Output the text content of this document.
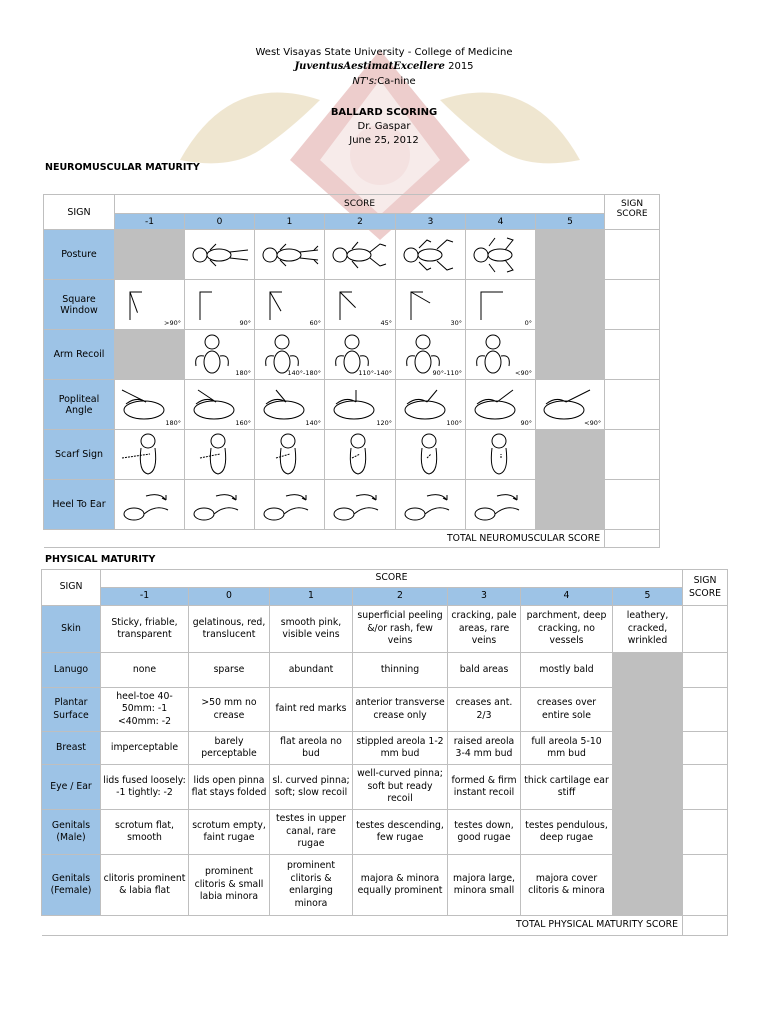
West Visayas State University - College of Medicine
JuventusAestimatExcellere 2015
NT's:Ca-nine
BALLARD SCORING
Dr. Gaspar
June 25, 2012
NEUROMUSCULAR MATURITY
SIGN	SCORE							SIGN SCORE
	-1	0	1	2	3	4	5	
Posture		

Square Window	>90°	90°	60°	45°	30°	0°		

Arm Recoil		180°	140°-180°	110°-140°	90°-110°	<90°		

Popliteal Angle	180°	160°	140°	120°	100°	90°	<90°	

Scarf Sign	

Heel To Ear	

TOTAL NEUROMUSCULAR SCORE								
PHYSICAL MATURITY
SIGN	SCORE							SIGN SCORE
	-1	0	1	2	3	4	5	
Skin	Sticky, friable, transparent	gelatinous, red, translucent	smooth pink, visible veins	superficial peeling &/or rash, few veins	cracking, pale areas, rare veins	parchment, deep cracking, no vessels	leathery, cracked, wrinkled	
Lanugo	none	sparse	abundant	thinning	bald areas	mostly bald		
Plantar Surface	heel-toe 40-50mm: -1 <40mm: -2	>50 mm no crease	faint red marks	anterior transverse crease only	creases ant. 2/3	creases over entire sole		
Breast	imperceptable	barely perceptable	flat areola no bud	stippled areola 1-2 mm bud	raised areola 3-4 mm bud	full areola 5-10 mm bud		
Eye / Ear	lids fused loosely: -1 tightly: -2	lids open pinna flat stays folded	sl. curved pinna; soft; slow recoil	well-curved pinna; soft but ready recoil	formed & firm instant recoil	thick cartilage ear stiff		
Genitals (Male)	scrotum flat, smooth	scrotum empty, faint rugae	testes in upper canal, rare rugae	testes descending, few rugae	testes down, good rugae	testes pendulous, deep rugae		
Genitals (Female)	clitoris prominent & labia flat	prominent clitoris & small labia minora	prominent clitoris & enlarging minora	majora & minora equally prominent	majora large, minora small	majora cover clitoris & minora		
TOTAL PHYSICAL MATURITY SCORE								
